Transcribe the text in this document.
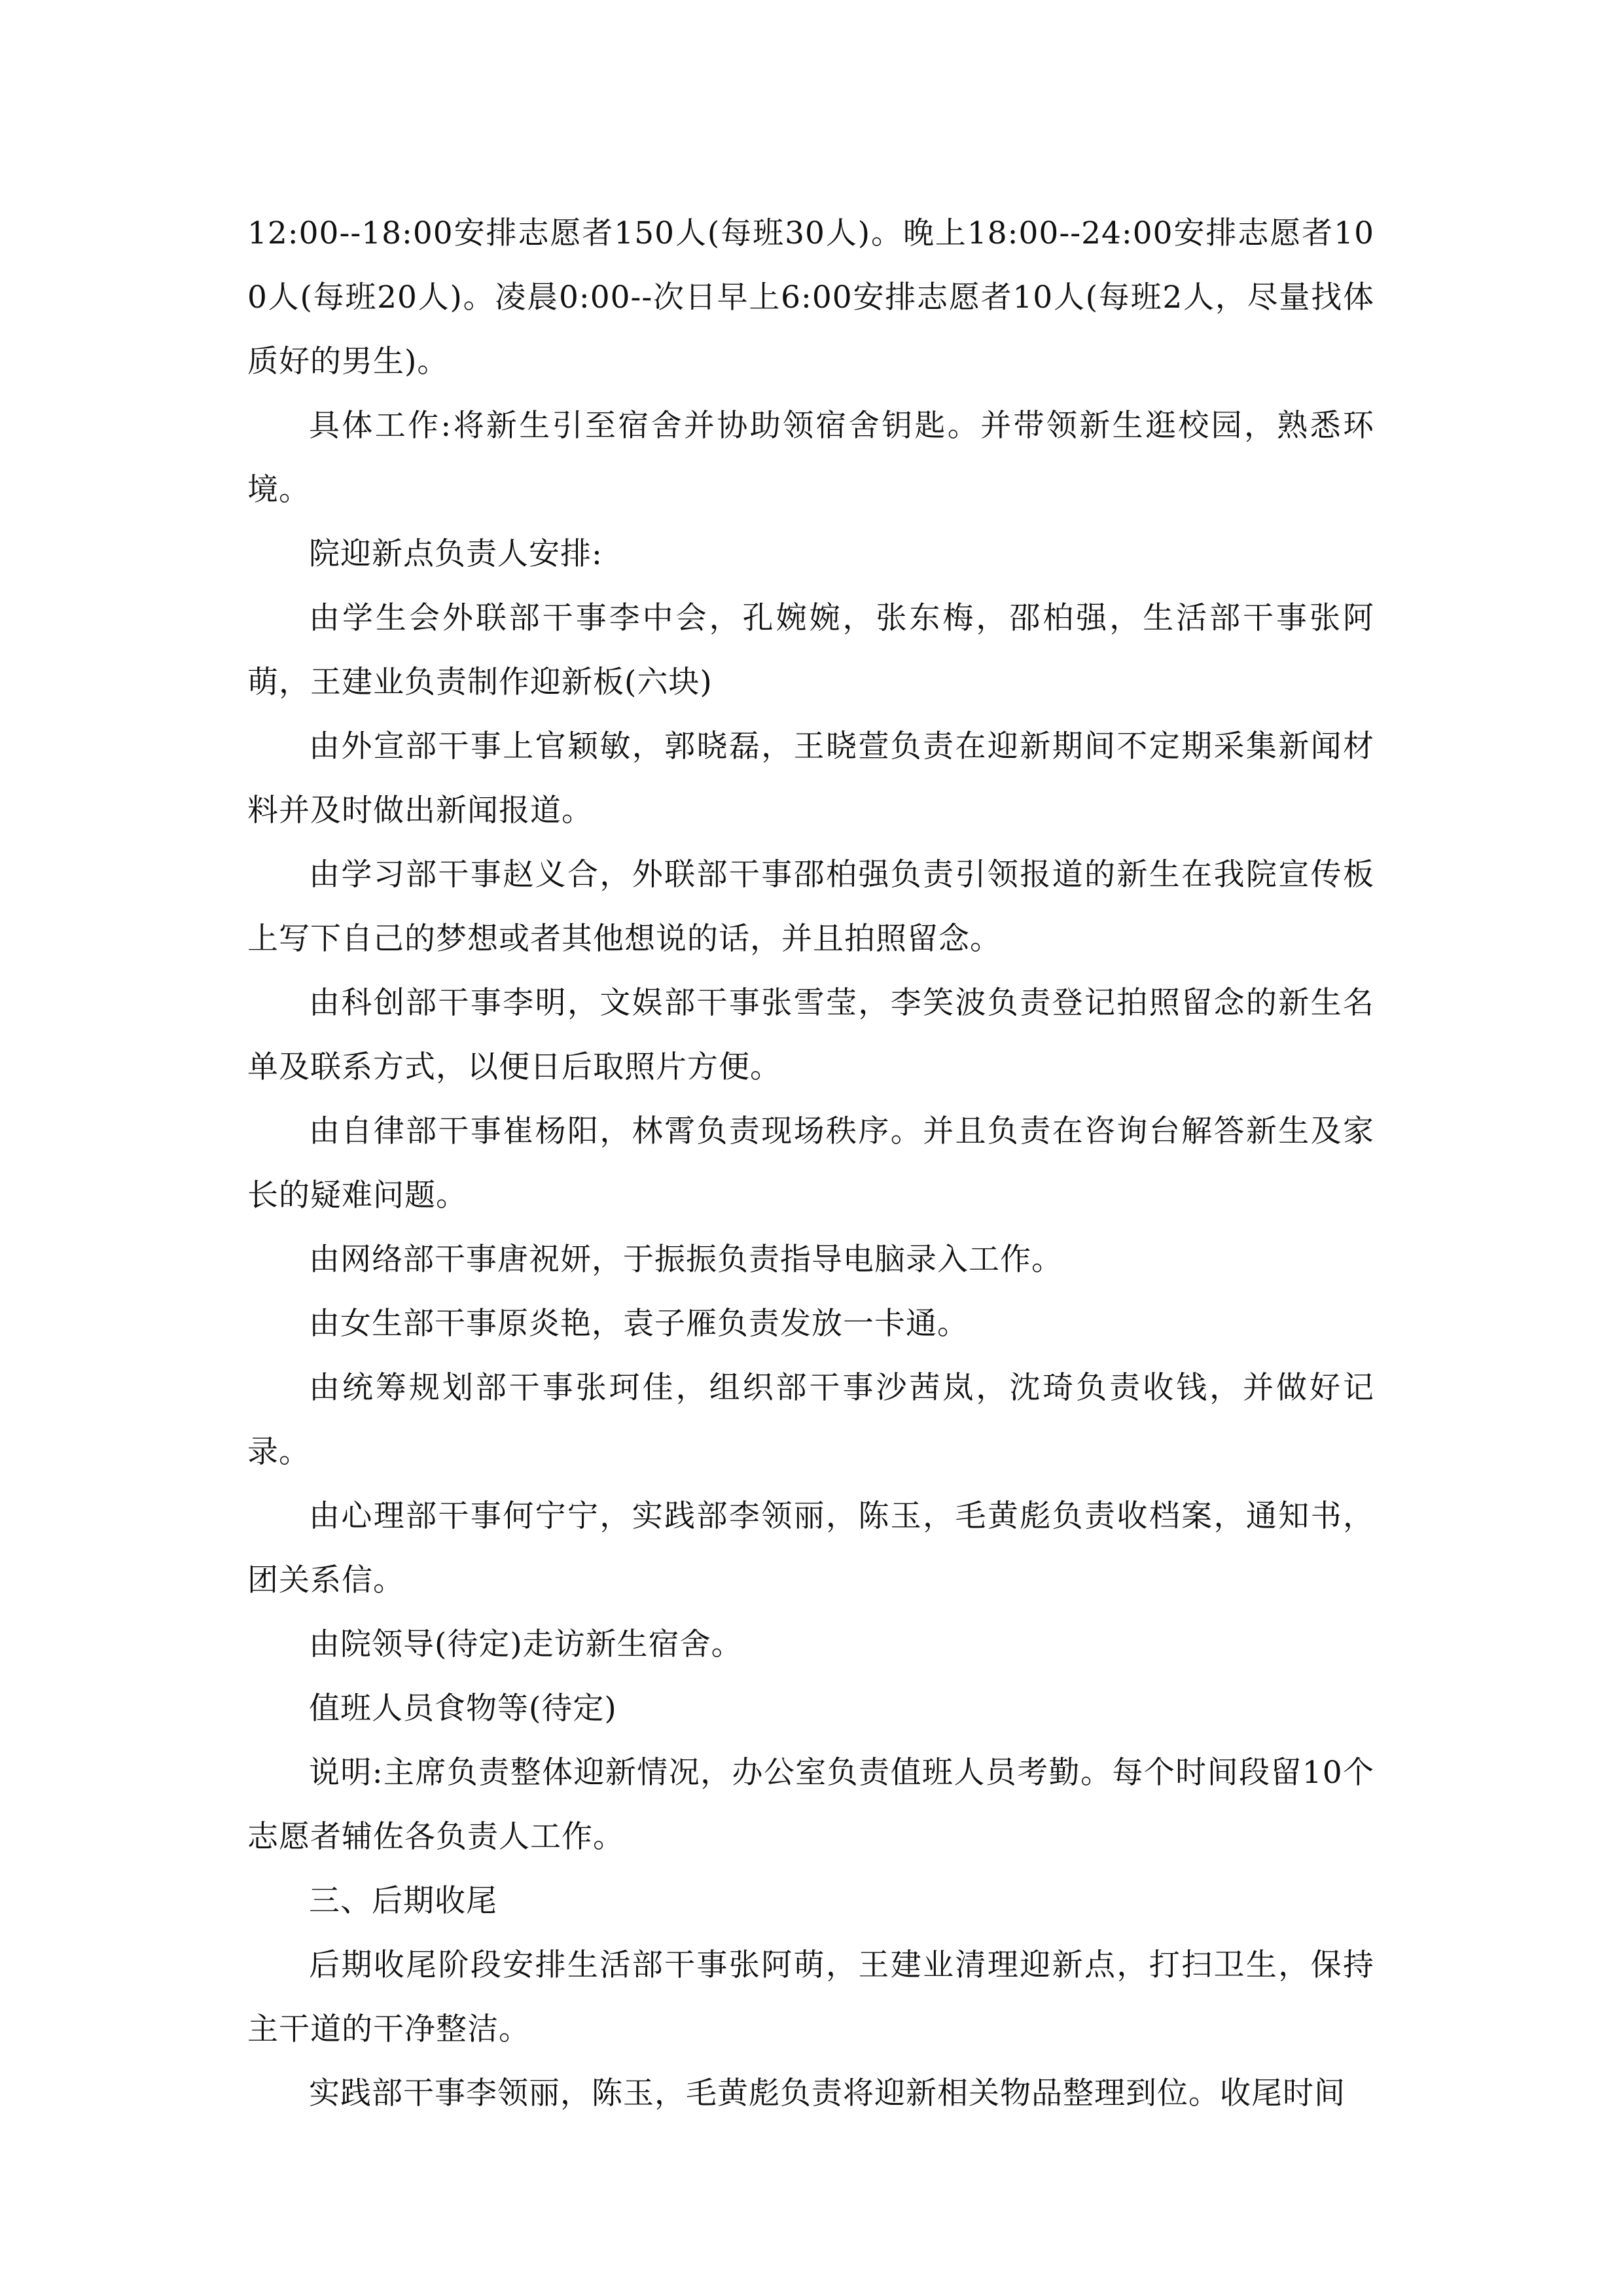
12:00--18:00安排志愿者150人(每班30人)。晚上18:00--24:00安排志愿者100人(每班20人)。凌晨0:00--次日早上6:00安排志愿者10人(每班2人，尽量找体质好的男生)。

具体工作:将新生引至宿舍并协助领宿舍钥匙。并带领新生逛校园，熟悉环境。

院迎新点负责人安排:

由学生会外联部干事李中会，孔婉婉，张东梅，邵柏强，生活部干事张阿萌，王建业负责制作迎新板(六块)

由外宣部干事上官颖敏，郭晓磊，王晓萱负责在迎新期间不定期采集新闻材料并及时做出新闻报道。

由学习部干事赵义合，外联部干事邵柏强负责引领报道的新生在我院宣传板上写下自己的梦想或者其他想说的话，并且拍照留念。

由科创部干事李明，文娱部干事张雪莹，李笑波负责登记拍照留念的新生名单及联系方式，以便日后取照片方便。

由自律部干事崔杨阳，林霄负责现场秩序。并且负责在咨询台解答新生及家长的疑难问题。

由网络部干事唐祝妍，于振振负责指导电脑录入工作。

由女生部干事原炎艳，袁子雁负责发放一卡通。

由统筹规划部干事张珂佳，组织部干事沙茜岚，沈琦负责收钱，并做好记录。

由心理部干事何宁宁，实践部李领丽，陈玉，毛黄彪负责收档案，通知书，团关系信。

由院领导(待定)走访新生宿舍。

值班人员食物等(待定)

说明:主席负责整体迎新情况，办公室负责值班人员考勤。每个时间段留10个志愿者辅佐各负责人工作。

三、后期收尾

后期收尾阶段安排生活部干事张阿萌，王建业清理迎新点，打扫卫生，保持主干道的干净整洁。

实践部干事李领丽，陈玉，毛黄彪负责将迎新相关物品整理到位。收尾时间
